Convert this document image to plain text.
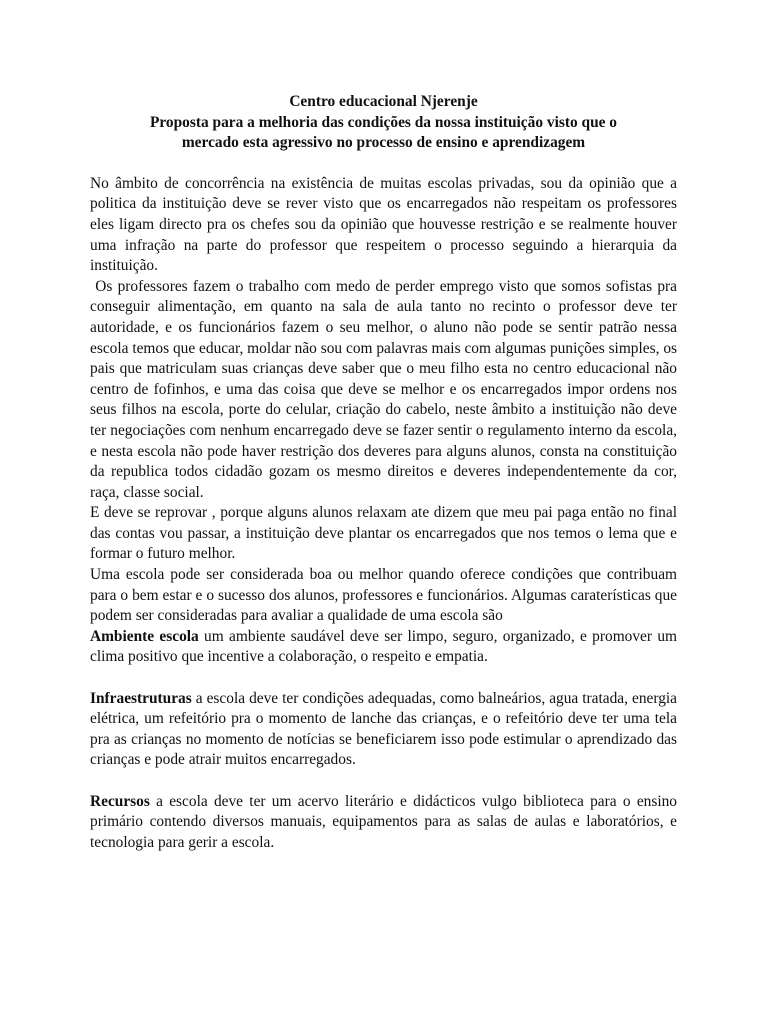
Centro educacional Njerenje
Proposta para a melhoria das condições da nossa instituição visto que o
mercado esta agressivo no processo de ensino e aprendizagem

No âmbito de concorrência na existência de muitas escolas privadas, sou da opinião que a politica da instituição deve se rever visto que os encarregados não respeitam os professores eles ligam directo pra os chefes sou da opinião que houvesse restrição e se realmente houver uma infração na parte do professor que respeitem o processo seguindo a hierarquia da instituição.

Os professores fazem o trabalho com medo de perder emprego visto que somos sofistas pra conseguir alimentação, em quanto na sala de aula tanto no recinto o professor deve ter autoridade, e os funcionários fazem o seu melhor, o aluno não pode se sentir patrão nessa escola temos que educar, moldar não sou com palavras mais com algumas punições simples, os pais que matriculam suas crianças deve saber que o meu filho esta no centro educacional não centro de fofinhos, e uma das coisa que deve se melhor e os encarregados impor ordens nos seus filhos na escola, porte do celular, criação do cabelo, neste âmbito a instituição não deve ter negociações com nenhum encarregado deve se fazer sentir o regulamento interno da escola, e nesta escola não pode haver restrição dos deveres para alguns alunos, consta na constituição da republica todos cidadão gozam os mesmo direitos e deveres independentemente da cor, raça, classe social.

E deve se reprovar , porque alguns alunos relaxam ate dizem que meu pai paga então no final das contas vou passar, a instituição deve plantar os encarregados que nos temos o lema que e formar o futuro melhor.

Uma escola pode ser considerada boa ou melhor quando oferece condições que contribuam para o bem estar e o sucesso dos alunos, professores e funcionários. Algumas caraterísticas que podem ser consideradas para avaliar a qualidade de uma escola são

Ambiente escola um ambiente saudável deve ser limpo, seguro, organizado, e promover um clima positivo que incentive a colaboração, o respeito e empatia.

Infraestruturas a escola deve ter condições adequadas, como balneários, agua tratada, energia elétrica, um refeitório pra o momento de lanche das crianças, e o refeitório deve ter uma tela pra as crianças no momento de notícias se beneficiarem isso pode estimular o aprendizado das crianças e pode atrair muitos encarregados.

Recursos a escola deve ter um acervo literário e didácticos vulgo biblioteca para o ensino primário contendo diversos manuais, equipamentos para as salas de aulas e laboratórios, e tecnologia para gerir a escola.
